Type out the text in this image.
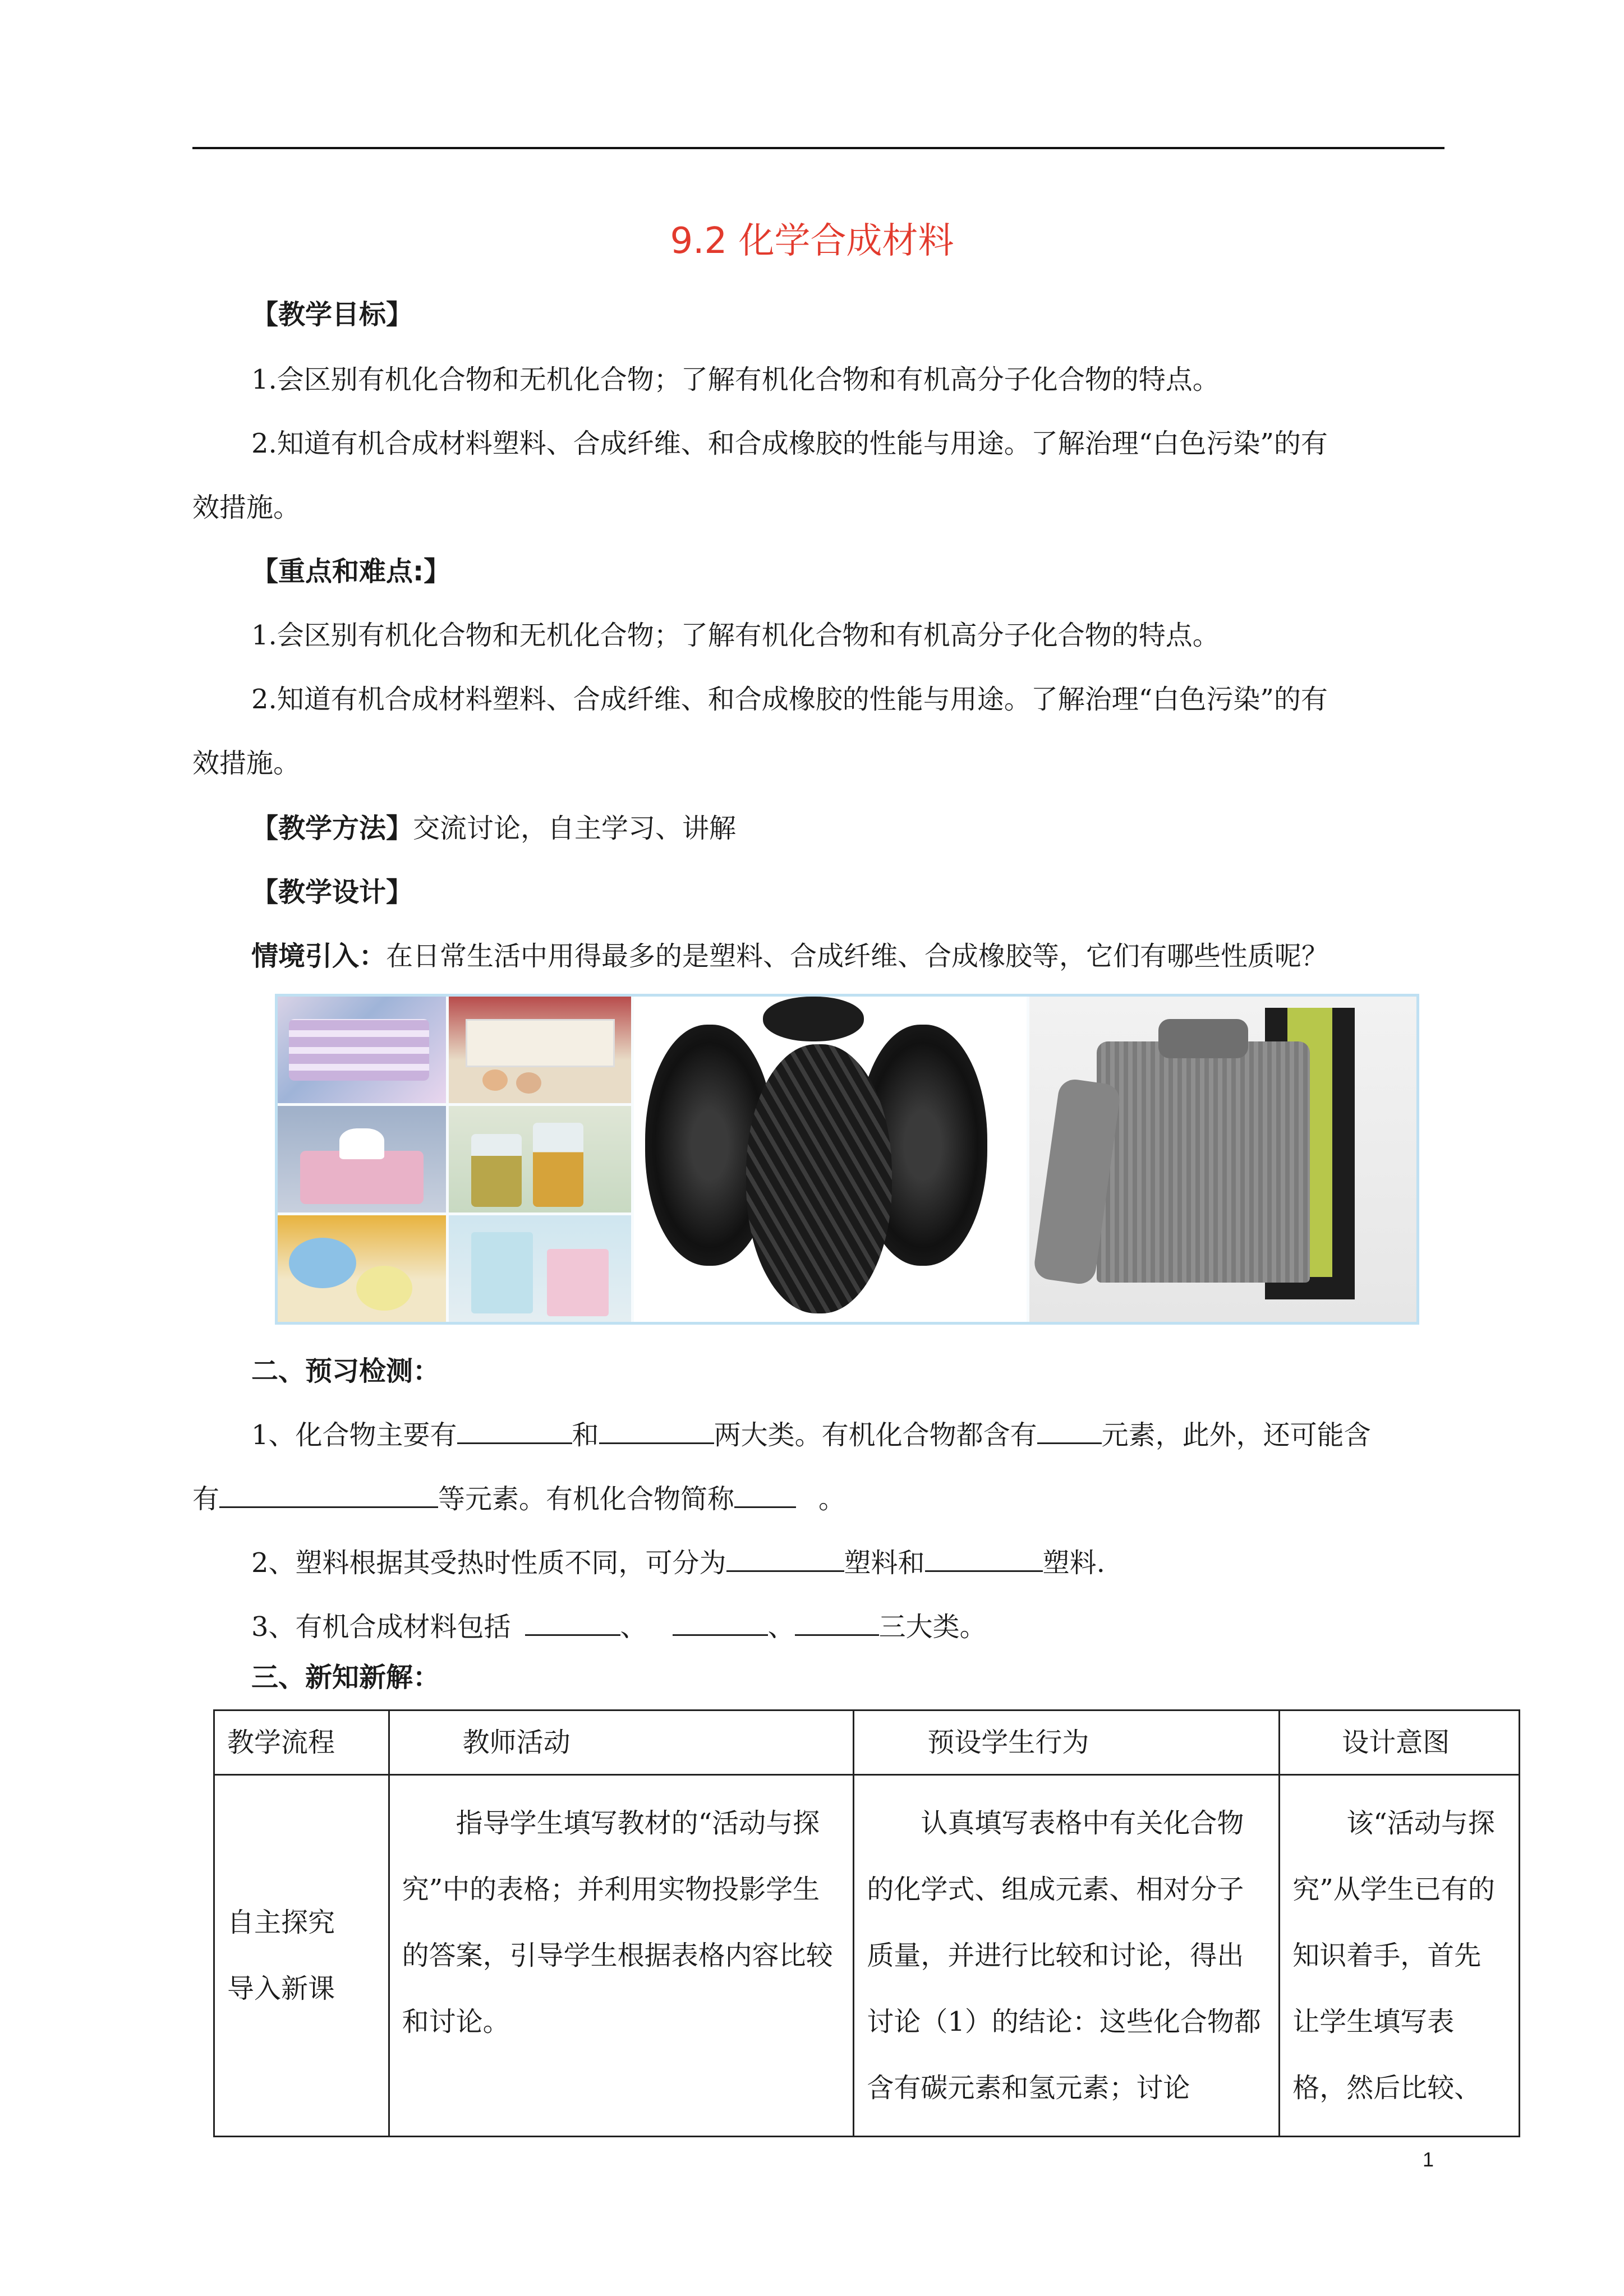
9.2 化学合成材料
【教学目标】
1.会区别有机化合物和无机化合物；了解有机化合物和有机高分子化合物的特点。
2.知道有机合成材料塑料、合成纤维、和合成橡胶的性能与用途。了解治理“白色污染”的有
效措施。
【重点和难点:】
1.会区别有机化合物和无机化合物；了解有机化合物和有机高分子化合物的特点。
2.知道有机合成材料塑料、合成纤维、和合成橡胶的性能与用途。了解治理“白色污染”的有
效措施。
【教学方法】交流讨论，自主学习、讲解
【教学设计】
情境引入：在日常生活中用得最多的是塑料、合成纤维、合成橡胶等，它们有哪些性质呢？
二、预习检测：
1、化合物主要有	和	两大类。有机化合物都含有 元素，此外，还可能含
有	等元素。有机化合物简称	。
2、塑料根据其受热时性质不同，可分为	塑料和	塑料.
3、有机合成材料包括	、	、	三大类。
三、新知新解：
教学流程	教师活动	预设学生行为	设计意图

自主探究
导入新课	指导学生填写教材的“活动与探究”中的表格；并利用实物投影学生的答案，引导学生根据表格内容比较和讨论。	认真填写表格中有关化合物的化学式、组成元素、相对分子质量，并进行比较和讨论，得出讨论（1）的结论：这些化合物都含有碳元素和氢元素；讨论	该“活动与探究”从学生已有的知识着手，首先让学生填写表格，然后比较、
1
